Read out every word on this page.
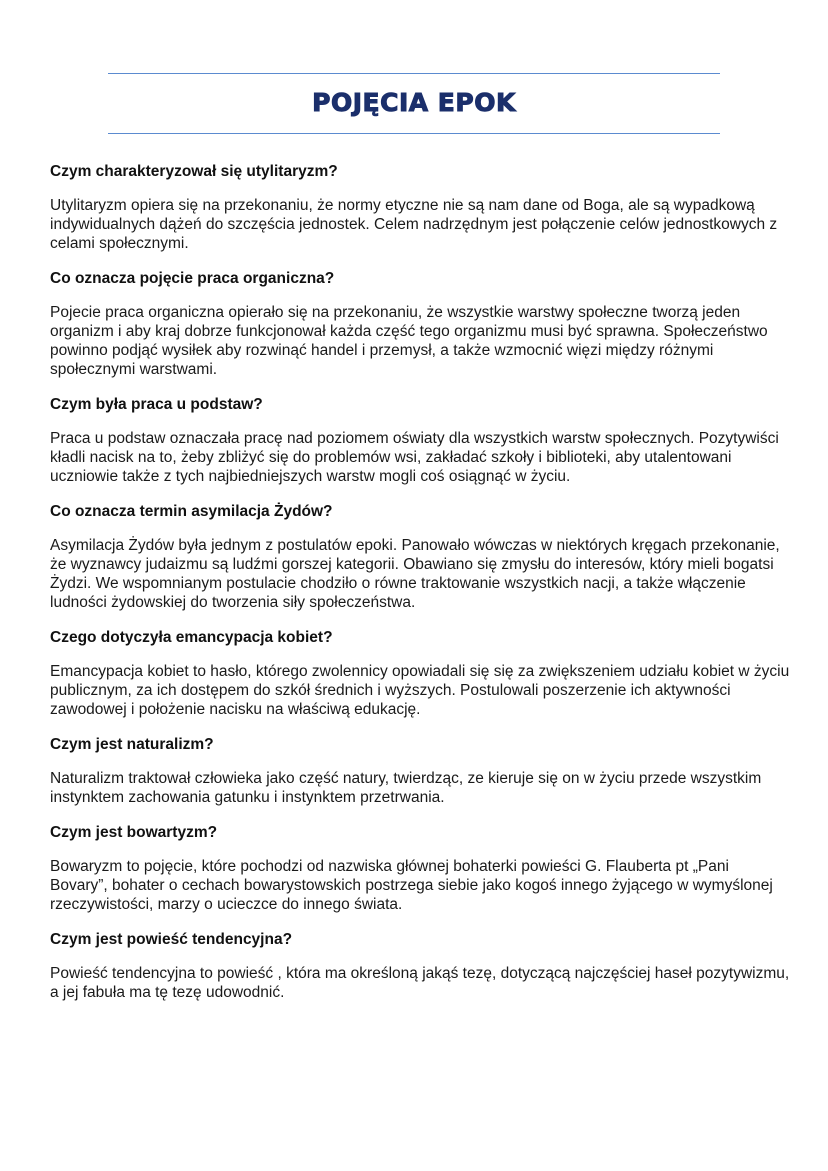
POJĘCIA EPOK

Czym charakteryzował się utylitaryzm?

Utylitaryzm opiera się na przekonaniu, że normy etyczne nie są nam dane od Boga, ale są wypadkową indywidualnych dążeń do szczęścia jednostek. Celem nadrzędnym jest połączenie celów jednostkowych z celami społecznymi.

Co oznacza pojęcie praca organiczna?

Pojecie praca organiczna opierało się na przekonaniu, że wszystkie warstwy społeczne tworzą jeden organizm i aby kraj dobrze funkcjonował każda część tego organizmu musi być sprawna. Społeczeństwo powinno podjąć wysiłek aby rozwinąć handel i przemysł, a także wzmocnić więzi między różnymi społecznymi warstwami.

Czym była praca u podstaw?

Praca u podstaw oznaczała pracę nad poziomem oświaty dla wszystkich warstw społecznych. Pozytywiści kładli nacisk na to, żeby zbliżyć się do problemów wsi, zakładać szkoły i biblioteki, aby utalentowani uczniowie także z tych najbiedniejszych warstw mogli coś osiągnąć w życiu.

Co oznacza termin asymilacja Żydów?

Asymilacja Żydów była jednym z postulatów epoki. Panowało wówczas w niektórych kręgach przekonanie, że wyznawcy judaizmu są ludźmi gorszej kategorii. Obawiano się zmysłu do interesów, który mieli bogatsi Żydzi. We wspomnianym postulacie chodziło o równe traktowanie wszystkich nacji, a także włączenie ludności żydowskiej do tworzenia siły społeczeństwa.

Czego dotyczyła emancypacja kobiet?

Emancypacja kobiet to hasło, którego zwolennicy opowiadali się się za zwiększeniem udziału kobiet w życiu publicznym, za ich dostępem do szkół średnich i wyższych. Postulowali poszerzenie ich aktywności zawodowej i położenie nacisku na właściwą edukację.

Czym jest naturalizm?

Naturalizm traktował człowieka jako część natury, twierdząc, ze kieruje się on w życiu przede wszystkim instynktem zachowania gatunku i instynktem przetrwania.

Czym jest bowartyzm?

Bowaryzm to pojęcie, które pochodzi od nazwiska głównej bohaterki powieści G. Flauberta pt „Pani Bovary”, bohater o cechach bowarystowskich postrzega siebie jako kogoś innego żyjącego w wymyślonej rzeczywistości, marzy o ucieczce do innego świata.

Czym jest powieść tendencyjna?

Powieść tendencyjna to powieść , która ma określoną jakąś tezę, dotyczącą najczęściej haseł pozytywizmu, a jej fabuła ma tę tezę udowodnić.
